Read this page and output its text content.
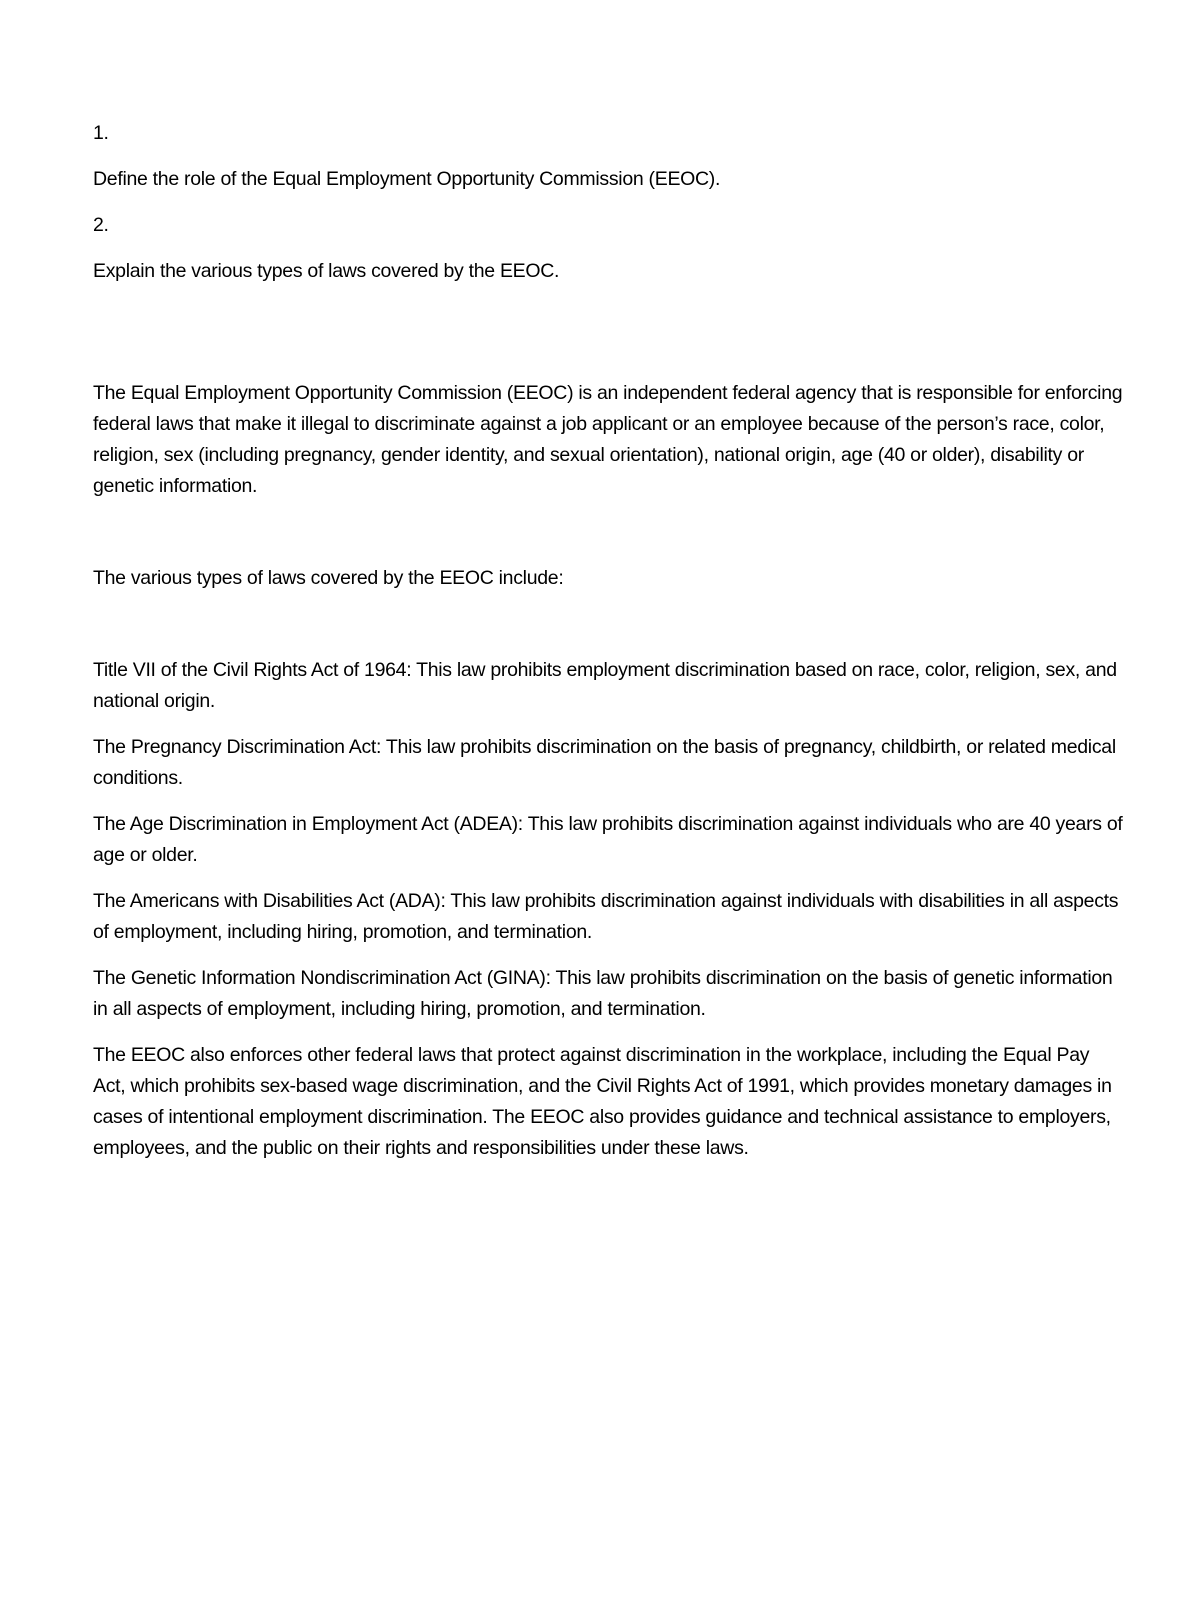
1.

Define the role of the Equal Employment Opportunity Commission (EEOC).

2.

Explain the various types of laws covered by the EEOC.

The Equal Employment Opportunity Commission (EEOC) is an independent federal agency that is responsible for enforcing federal laws that make it illegal to discriminate against a job applicant or an employee because of the person’s race, color, religion, sex (including pregnancy, gender identity, and sexual orientation), national origin, age (40 or older), disability or genetic information.

The various types of laws covered by the EEOC include:

Title VII of the Civil Rights Act of 1964: This law prohibits employment discrimination based on race, color, religion, sex, and national origin.

The Pregnancy Discrimination Act: This law prohibits discrimination on the basis of pregnancy, childbirth, or related medical conditions.

The Age Discrimination in Employment Act (ADEA): This law prohibits discrimination against individuals who are 40 years of age or older.

The Americans with Disabilities Act (ADA): This law prohibits discrimination against individuals with disabilities in all aspects of employment, including hiring, promotion, and termination.

The Genetic Information Nondiscrimination Act (GINA): This law prohibits discrimination on the basis of genetic information in all aspects of employment, including hiring, promotion, and termination.

The EEOC also enforces other federal laws that protect against discrimination in the workplace, including the Equal Pay Act, which prohibits sex-based wage discrimination, and the Civil Rights Act of 1991, which provides monetary damages in cases of intentional employment discrimination. The EEOC also provides guidance and technical assistance to employers, employees, and the public on their rights and responsibilities under these laws.
